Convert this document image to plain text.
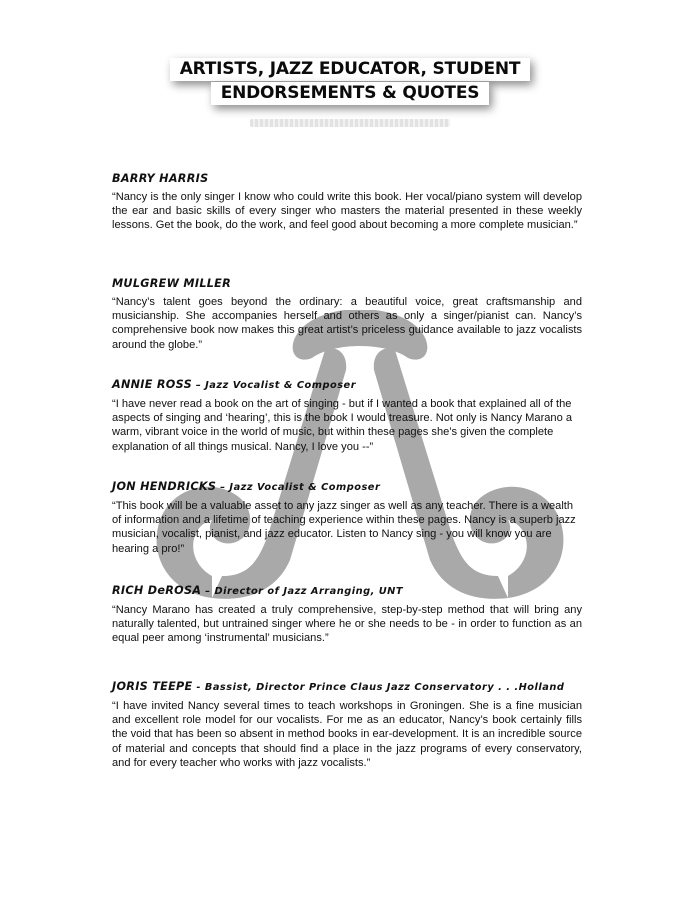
ARTISTS, JAZZ EDUCATOR, STUDENT
ENDORSEMENTS & QUOTES

BARRY HARRIS

“Nancy is the only singer I know who could write this book. Her vocal/piano system will develop the ear and basic skills of every singer who masters the material presented in these weekly lessons. Get the book, do the work, and feel good about becoming a more complete musician.”

MULGREW MILLER

“Nancy’s talent goes beyond the ordinary: a beautiful voice, great craftsmanship and musicianship. She accompanies herself and others as only a singer/pianist can. Nancy’s comprehensive book now makes this great artist’s priceless guidance available to jazz vocalists around the globe.”

ANNIE ROSS – Jazz Vocalist & Composer

“I have never read a book on the art of singing - but if I wanted a book that explained all of the aspects of singing and ‘hearing’, this is the book I would treasure. Not only is Nancy Marano a warm, vibrant voice in the world of music, but within these pages she’s given the complete explanation of all things musical. Nancy, I love you --”

JON HENDRICKS – Jazz Vocalist & Composer

“This book will be a valuable asset to any jazz singer as well as any teacher. There is a wealth of information and a lifetime of teaching experience within these pages. Nancy is a superb jazz musician, vocalist, pianist, and jazz educator. Listen to Nancy sing - you will know you are hearing a pro!”

RICH DeROSA – Director of Jazz Arranging, UNT

“Nancy Marano has created a truly comprehensive, step-by-step method that will bring any naturally talented, but untrained singer where he or she needs to be - in order to function as an equal peer among ‘instrumental’ musicians.”

JORIS TEEPE - Bassist, Director Prince Claus Jazz Conservatory . . .Holland

“I have invited Nancy several times to teach workshops in Groningen. She is a fine musician and excellent role model for our vocalists. For me as an educator, Nancy’s book certainly fills the void that has been so absent in method books in ear-development. It is an incredible source of material and concepts that should find a place in the jazz programs of every conservatory, and for every teacher who works with jazz vocalists.”
